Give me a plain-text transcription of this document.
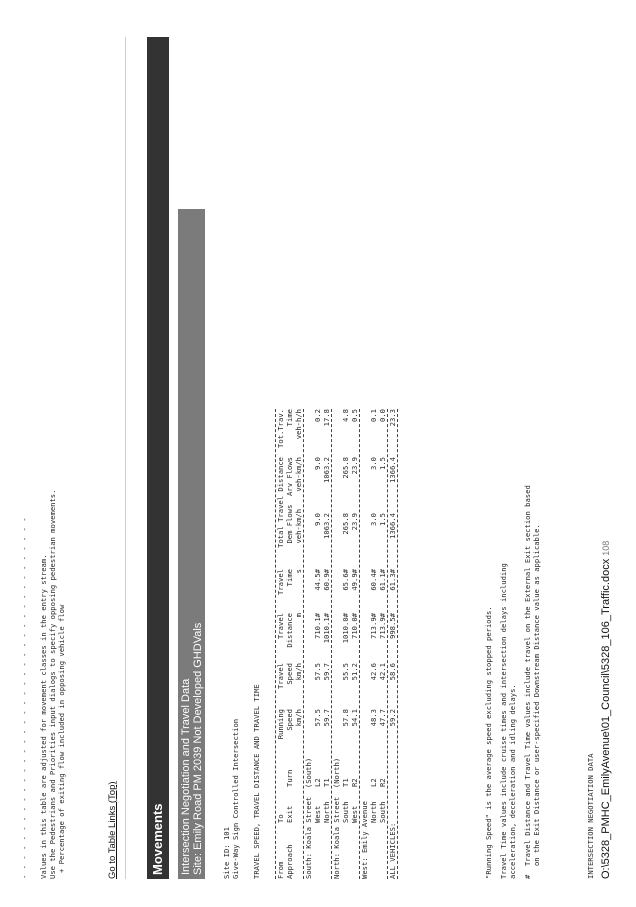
- - - - - - - - - - - - - - - - - - - - - - - - - - - - - - - - - - - - - - Values in this table are adjusted for movement classes in the entry stream. Use the Pedestrians and Priorities input dialogs to specify opposing pedestrian movements. + Percentage of exiting flow included in opposing vehicle flow	Go to Table Links (Top) Movements Intersection Negotiation and Travel Data Site: Emily Road PM 2039 Not Developed GHDVals	Site ID: 101 Give-Way Sign Controlled Intersection TRAVEL SPEED, TRAVEL DISTANCE AND TRAVEL TIME From	To		Running	Travel	Travel	Travel	Total Travel Distance		Tot.Trav.
Approach	Exit	Turn	Speed	Speed	Distance	Time	Dem Flows  Arv Flows		Time
			km/h	km/h	m	s	veh-km/h    veh-km/h		veh-h/h

South: Koala Street  (South)									
	West	L2	57.5	57.5	710.1#	44.5#	9.0	9.0	0.2
	North	T1	59.7	59.7	1010.1#	60.9#	1063.2	1063.2	17.8

North: Koala Street  (North)									
	South	T1	57.8	55.5	1010.0#	65.6#	265.8	265.8	4.8
	West	R2	54.1	51.2	710.0#	49.9#	23.9	23.9	0.5

West: Emily Avenue									
	North	L2	48.3	42.6	713.9#	60.4#	3.0	3.0	0.1
	South	R2	47.7	42.1	713.9#	61.1#	1.5	1.5	0.0

ALL VEHICLES:			59.2	58.6	998.5#	61.3#	1366.4	1366.4	23.3

"Running Speed" is the average speed excluding stopped periods. Travel Time values include cruise times and intersection delays including
acceleration, deceleration and idling delays.

#  Travel Distance and Travel Time values include travel on the External Exit section based
on the Exit Distance or user-specified Downstream Distance value as applicable.

INTERSECTION NEGOTIATION DATA O:\5328_PMHC_EmilyAvenue\01_Council\5328_106_Traffic.docx108
